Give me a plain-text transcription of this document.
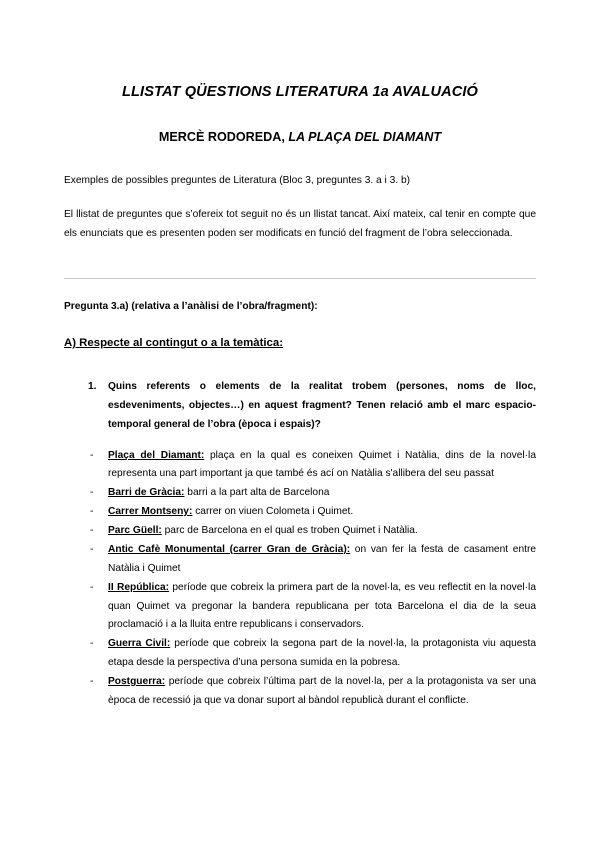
LLISTAT QÜESTIONS LITERATURA 1a AVALUACIÓ
MERCÈ RODOREDA, LA PLAÇA DEL DIAMANT

Exemples de possibles preguntes de Literatura (Bloc 3, preguntes 3. a i 3. b)

El llistat de preguntes que s’ofereix tot seguit no és un llistat tancat. Així mateix, cal tenir en compte que els enunciats que es presenten poden ser modificats en funció del fragment de l’obra seleccionada.

Pregunta 3.a) (relativa a l’anàlisi de l’obra/fragment):

A) Respecte al contingut o a la temàtica:

1. Quins referents o elements de la realitat trobem (persones, noms de lloc, esdeveniments, objectes…) en aquest fragment? Tenen relació amb el marc espacio-temporal general de l’obra (època i espais)?
- Plaça del Diamant: plaça en la qual es coneixen Quimet i Natàlia, dins de la novel·la representa una part important ja que també és ací on Natàlia s'allibera del seu passat
- Barri de Gràcia: barri a la part alta de Barcelona
- Carrer Montseny: carrer on viuen Colometa i Quimet.
- Parc Güell: parc de Barcelona en el qual es troben Quimet i Natàlia.
- Antic Cafè Monumental (carrer Gran de Gràcia): on van fer la festa de casament entre Natàlia i Quimet
- II República: període que cobreix la primera part de la novel·la, es veu reflectit en la novel·la quan Quimet va pregonar la bandera republicana per tota Barcelona el dia de la seua proclamació i a la lluita entre republicans i conservadors.
- Guerra Civil: període que cobreix la segona part de la novel·la, la protagonista viu aquesta etapa desde la perspectiva d’una persona sumida en la pobresa.
- Postguerra: període que cobreix l’última part de la novel·la, per a la protagonista va ser una època de recessió ja que va donar suport al bàndol republicà durant el conflicte.
